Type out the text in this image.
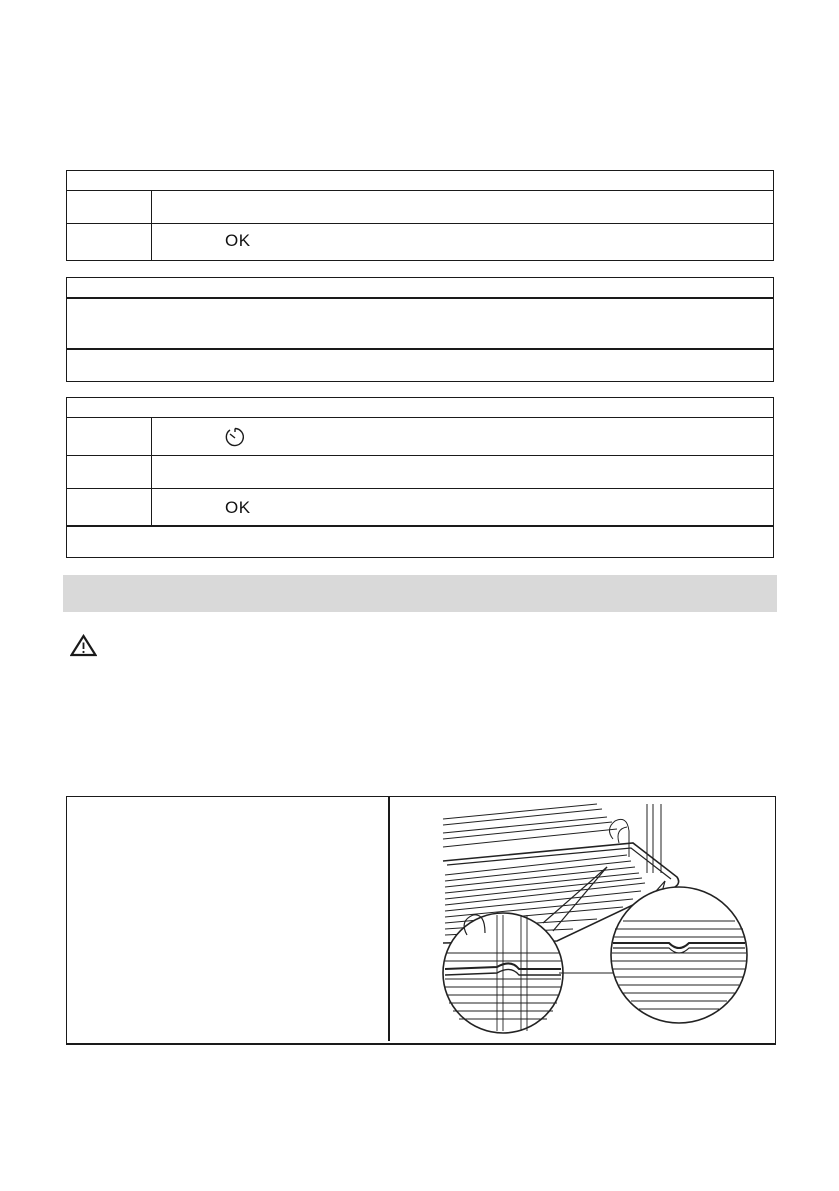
OK
OK
